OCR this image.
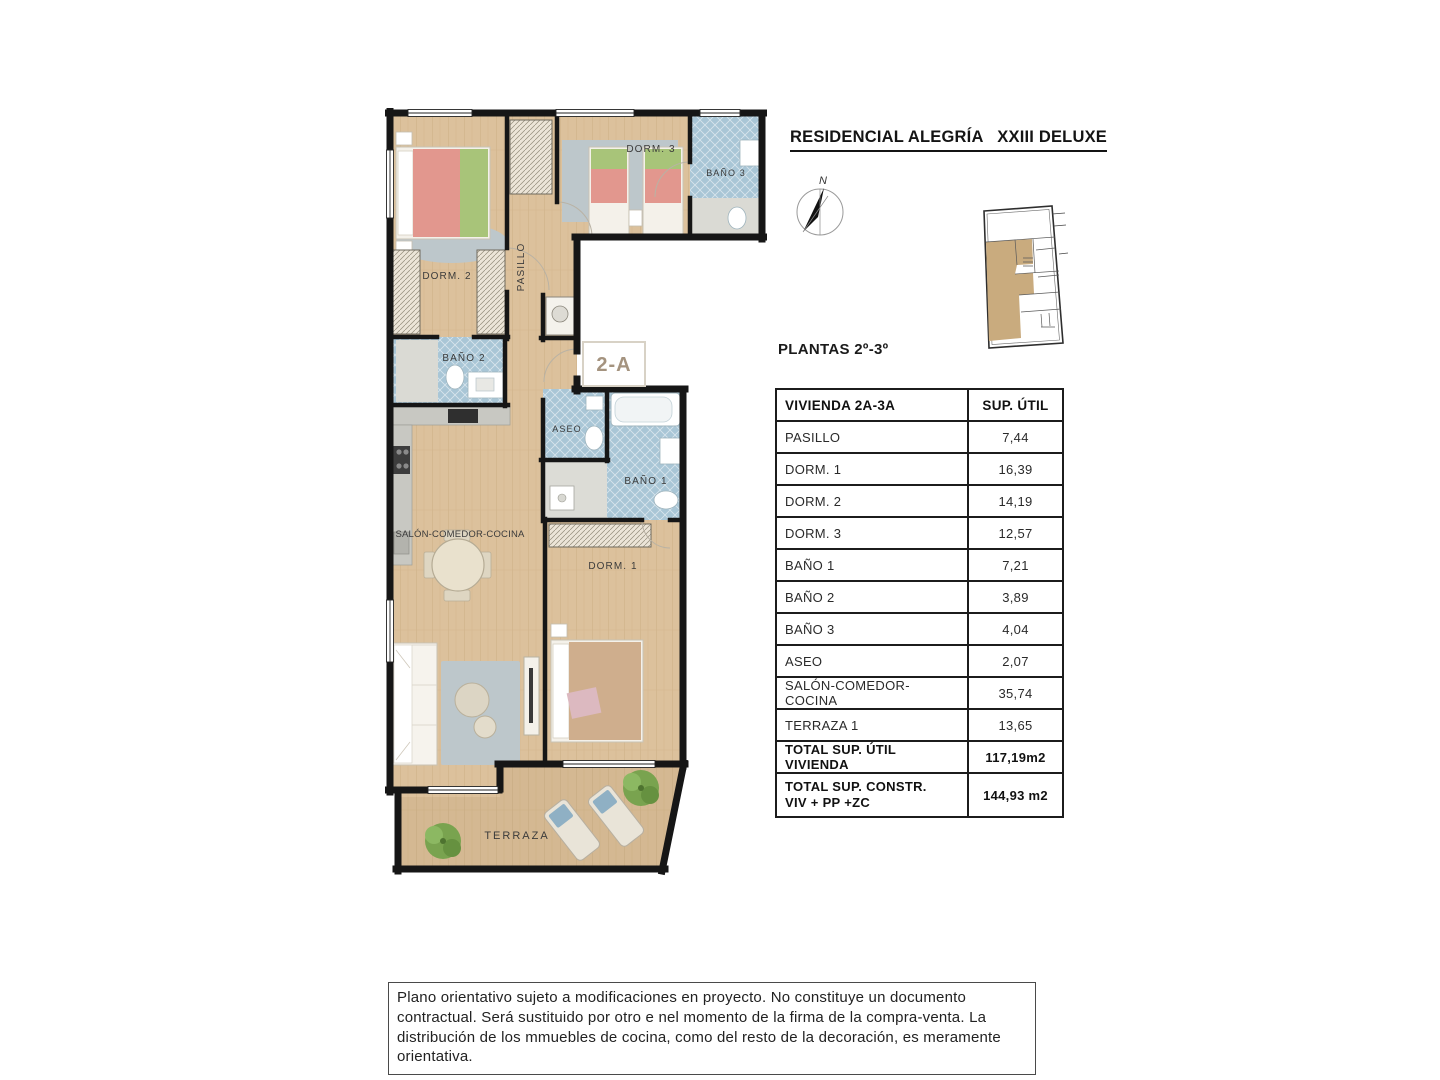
DORM. 3
BAÑO 3
DORM. 2	PASILLO
BAÑO 2
ASEO
BAÑO 1
SALÓN-COMEDOR-COCINA
DORM. 1
TERRAZA
2-A
RESIDENCIAL ALEGRÍA   XXIII DELUXE
N
PLANTAS 2º-3º
VIVIENDA 2A-3A	SUP. ÚTIL
PASILLO	7,44
DORM. 1	16,39
DORM. 2	14,19
DORM. 3	12,57
BAÑO 1	7,21
BAÑO 2	3,89
BAÑO 3	4,04
ASEO	2,07
SALÓN-COMEDOR-COCINA	35,74
TERRAZA 1	13,65
TOTAL SUP. ÚTIL VIVIENDA	117,19m2

TOTAL SUP. CONSTR.
VIV + PP +ZC	144,93 m2
Plano orientativo sujeto a modificaciones en proyecto. No constituye un documento contractual. Será sustituido por otro e nel momento de la firma de la compra-venta. La distribución de los mmuebles de cocina, como del resto de la decoración, es meramente orientativa.
